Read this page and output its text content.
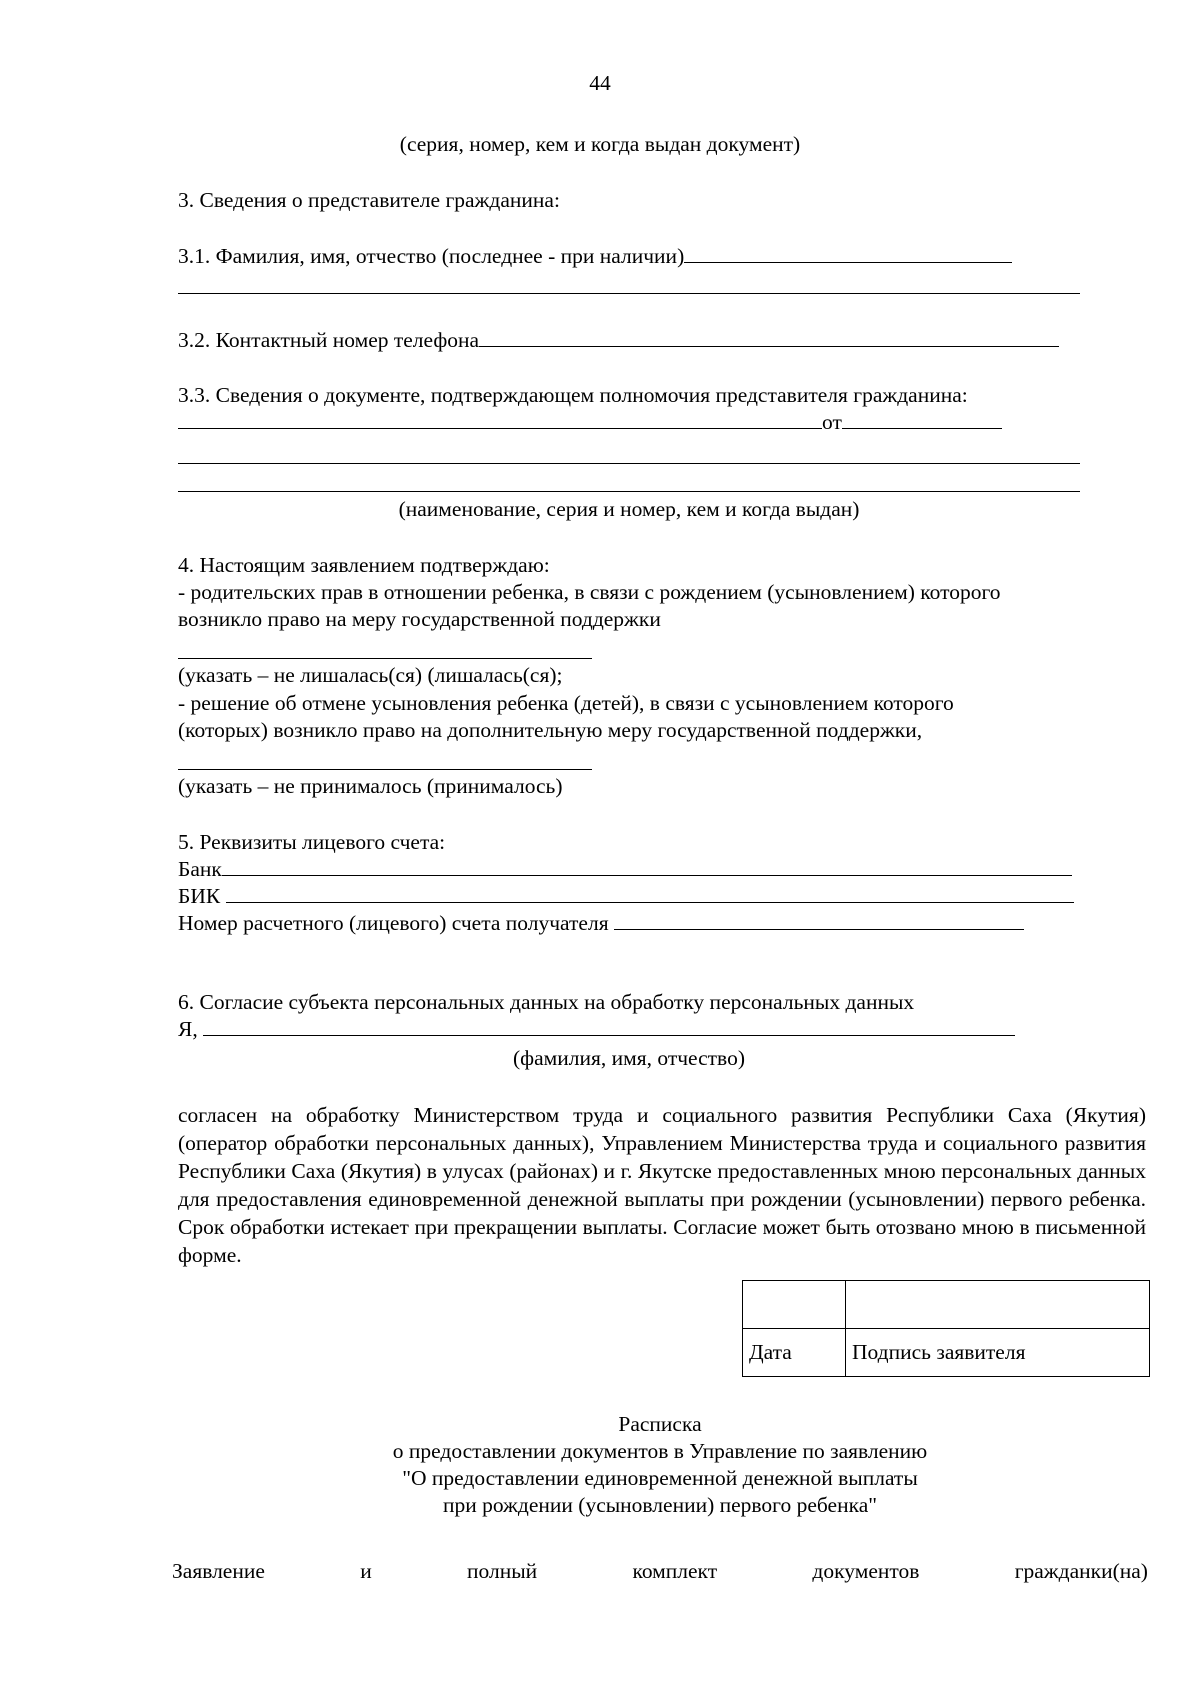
44
(серия, номер, кем и когда выдан документ)
3. Сведения о представителе гражданина:
3.1. Фамилия, имя, отчество (последнее - при наличии)
3.2. Контактный номер телефона
3.3. Сведения о документе, подтверждающем полномочия представителя гражданина:
от
(наименование, серия и номер, кем и когда выдан)
4. Настоящим заявлением подтверждаю:
- родительских прав в отношении ребенка, в связи с рождением (усыновлением) которого
возникло право на меру государственной поддержки
(указать – не лишалась(ся) (лишалась(ся);
- решение об отмене усыновления ребенка (детей), в связи с усыновлением которого
(которых) возникло право на дополнительную меру государственной поддержки,
(указать – не принималось (принималось)
5. Реквизиты лицевого счета:
Банк
БИК
Номер расчетного (лицевого) счета получателя
6. Согласие субъекта персональных данных на обработку персональных данных
Я,
(фамилия, имя, отчество)
согласен на обработку Министерством труда и социального развития Республики Саха (Якутия) (оператор обработки персональных данных), Управлением Министерства труда и социального развития Республики Саха (Якутия) в улусах (районах) и г. Якутске предоставленных мною персональных данных для предоставления единовременной денежной выплаты при рождении (усыновлении) первого ребенка. Срок обработки истекает при прекращении выплаты. Согласие может быть отозвано мною в письменной форме.

Дата	Подпись заявителя
Расписка
о предоставлении документов в Управление по заявлению
"О предоставлении единовременной денежной выплаты
при рождении (усыновлении) первого ребенка"
Заявление	и	полный	комплект	документов	гражданки(на)
